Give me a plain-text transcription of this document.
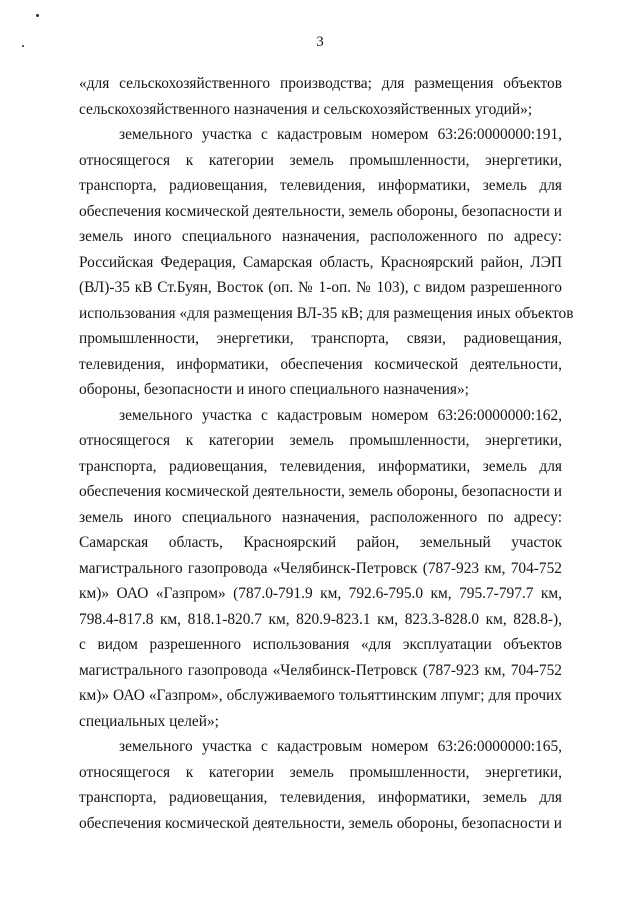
3

«для сельскохозяйственного производства; для размещения объектов
сельскохозяйственного назначения и сельскохозяйственных угодий»;

земельного участка с кадастровым номером 63:26:0000000:191,
относящегося к категории земель промышленности, энергетики,
транспорта, радиовещания, телевидения, информатики, земель для
обеспечения космической деятельности, земель обороны, безопасности и
земель иного специального назначения, расположенного по адресу:
Российская Федерация, Самарская область, Красноярский район, ЛЭП
(ВЛ)-35 кВ Ст.Буян, Восток (оп. № 1-оп. № 103), с видом разрешенного
использования «для размещения ВЛ-35 кВ; для размещения иных объектов
промышленности, энергетики, транспорта, связи, радиовещания,
телевидения, информатики, обеспечения космической деятельности,
обороны, безопасности и иного специального назначения»;

земельного участка с кадастровым номером 63:26:0000000:162,
относящегося к категории земель промышленности, энергетики,
транспорта, радиовещания, телевидения, информатики, земель для
обеспечения космической деятельности, земель обороны, безопасности и
земель иного специального назначения, расположенного по адресу:
Самарская область, Красноярский район, земельный участок
магистрального газопровода «Челябинск-Петровск (787-923 км, 704-752
км)» ОАО «Газпром» (787.0-791.9 км, 792.6-795.0 км, 795.7-797.7 км,
798.4-817.8 км, 818.1-820.7 км, 820.9-823.1 км, 823.3-828.0 км, 828.8-),
с видом разрешенного использования «для эксплуатации объектов
магистрального газопровода «Челябинск-Петровск (787-923 км, 704-752
км)» ОАО «Газпром», обслуживаемого тольяттинским лпумг; для прочих
специальных целей»;

земельного участка с кадастровым номером 63:26:0000000:165,
относящегося к категории земель промышленности, энергетики,
транспорта, радиовещания, телевидения, информатики, земель для
обеспечения космической деятельности, земель обороны, безопасности и
